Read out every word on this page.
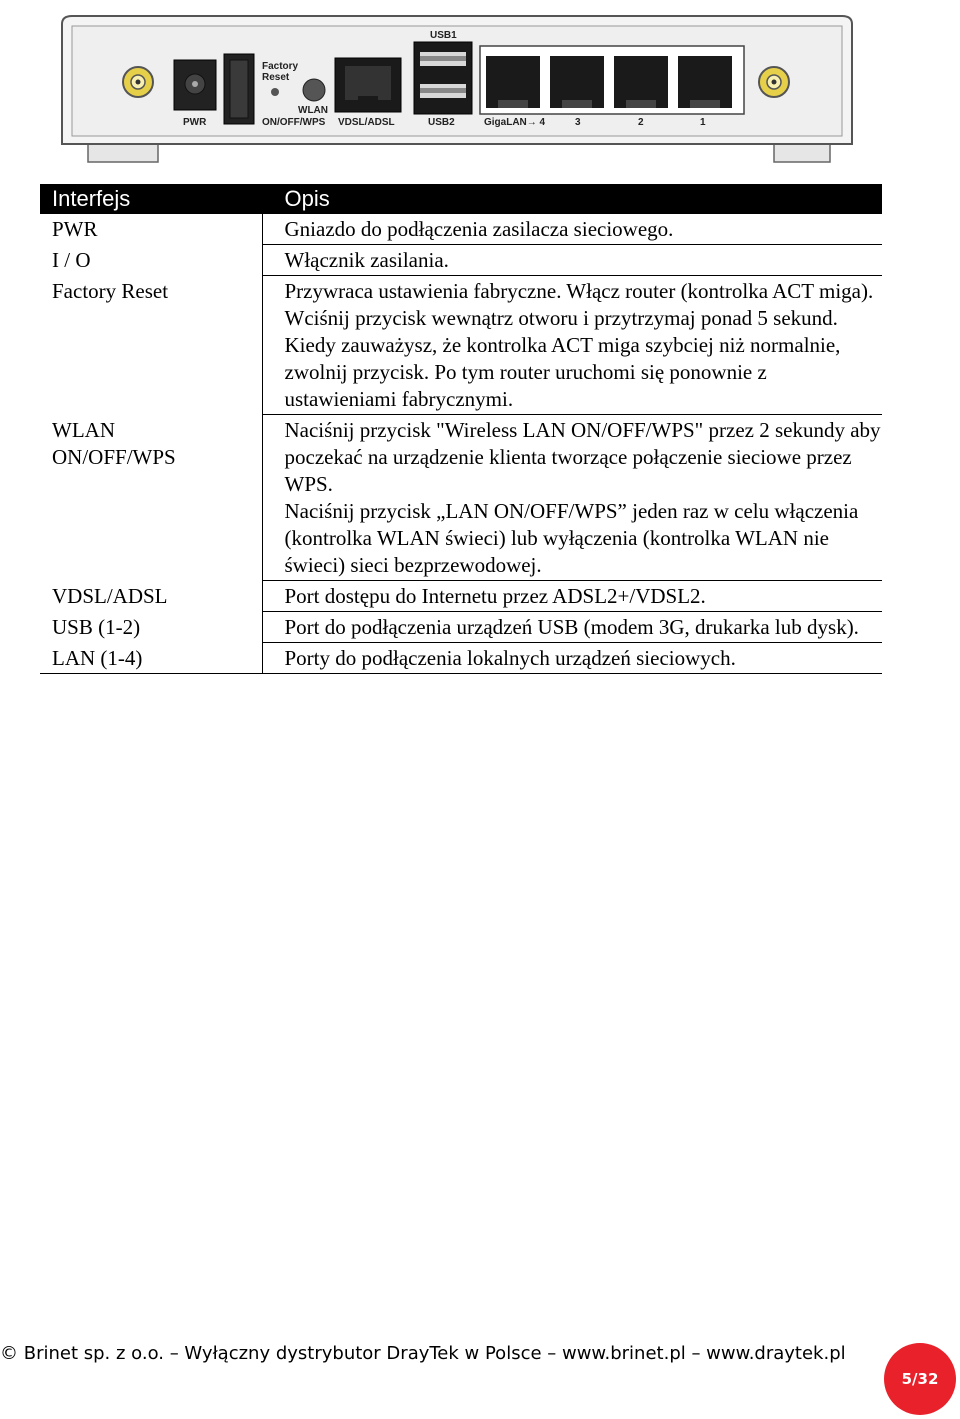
PWR
Factory
Reset
WLAN
ON/OFF/WPS VDSL/ADSL
USB1
USB2	GigaLAN→ 4	3	2	1
Interfejs	Opis

PWR	Gniazdo do podłączenia zasilacza sieciowego.

I / O	Włącznik zasilania.

Factory Reset	Przywraca ustawienia fabryczne. Włącz router (kontrolka ACT miga). Wciśnij przycisk wewnątrz otworu i przytrzymaj ponad 5 sekund. Kiedy zauważysz, że kontrolka ACT miga szybciej niż normalnie, zwolnij przycisk. Po tym router uruchomi się ponownie z ustawieniami fabrycznymi.

WLAN
ON/OFF/WPS	Naciśnij przycisk "Wireless LAN ON/OFF/WPS" przez 2 sekundy aby poczekać na urządzenie klienta tworzące połączenie sieciowe przez WPS.
Naciśnij przycisk „LAN ON/OFF/WPS” jeden raz w celu włączenia (kontrolka WLAN świeci) lub wyłączenia (kontrolka WLAN nie świeci) sieci bezprzewodowej.

VDSL/ADSL	Port dostępu do Internetu przez ADSL2+/VDSL2.

USB (1-2)	Port do podłączenia urządzeń USB (modem 3G, drukarka lub dysk).

LAN (1-4)	Porty do podłączenia lokalnych urządzeń sieciowych.
© Brinet sp. z o.o. – Wyłączny dystrybutor DrayTek w Polsce – www.brinet.pl – www.draytek.pl
5/32
